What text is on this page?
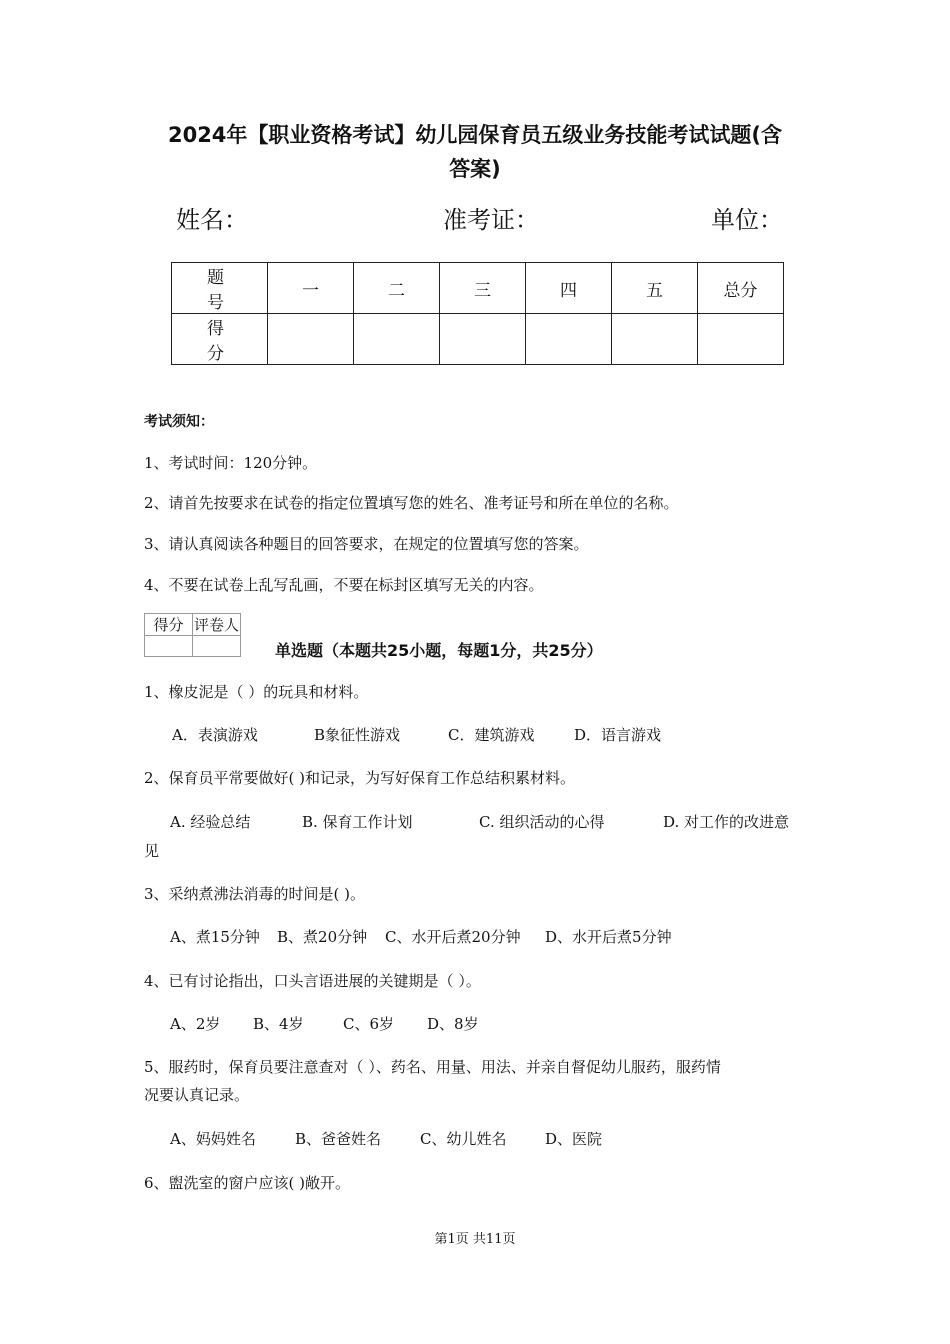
2024年【职业资格考试】幼儿园保育员五级业务技能考试试题(含
答案)
姓名：	准考证：	单位：
题 号	一	二	三	四	五	总分
得 分						
考试须知：
1、考试时间：120分钟。
2、请首先按要求在试卷的指定位置填写您的姓名、准考证号和所在单位的名称。
3、请认真阅读各种题目的回答要求，在规定的位置填写您的答案。
4、不要在试卷上乱写乱画，不要在标封区填写无关的内容。
得分	评卷人

单选题（本题共25小题，每题1分，共25分）
1、橡皮泥是（ ）的玩具和材料。
A．表演游戏	B象征性游戏	C．建筑游戏	D．语言游戏
2、保育员平常要做好( )和记录，为写好保育工作总结积累材料。
A. 经验总结	B. 保育工作计划	C. 组织活动的心得	D. 对工作的改进意
见
3、采纳煮沸法消毒的时间是( )。
A、煮15分钟 B、煮20分钟 C、水开后煮20分钟 D、水开后煮5分钟
4、已有讨论指出，口头言语进展的关键期是（ ）。
A、2岁 B、4岁	C、6岁 D、8岁
5、服药时，保育员要注意查对（ ）、药名、用量、用法、并亲自督促幼儿服药，服药情
况要认真记录。
A、妈妈姓名	B、爸爸姓名	C、幼儿姓名	D、医院
6、盥洗室的窗户应该( )敞开。
第1页 共11页
